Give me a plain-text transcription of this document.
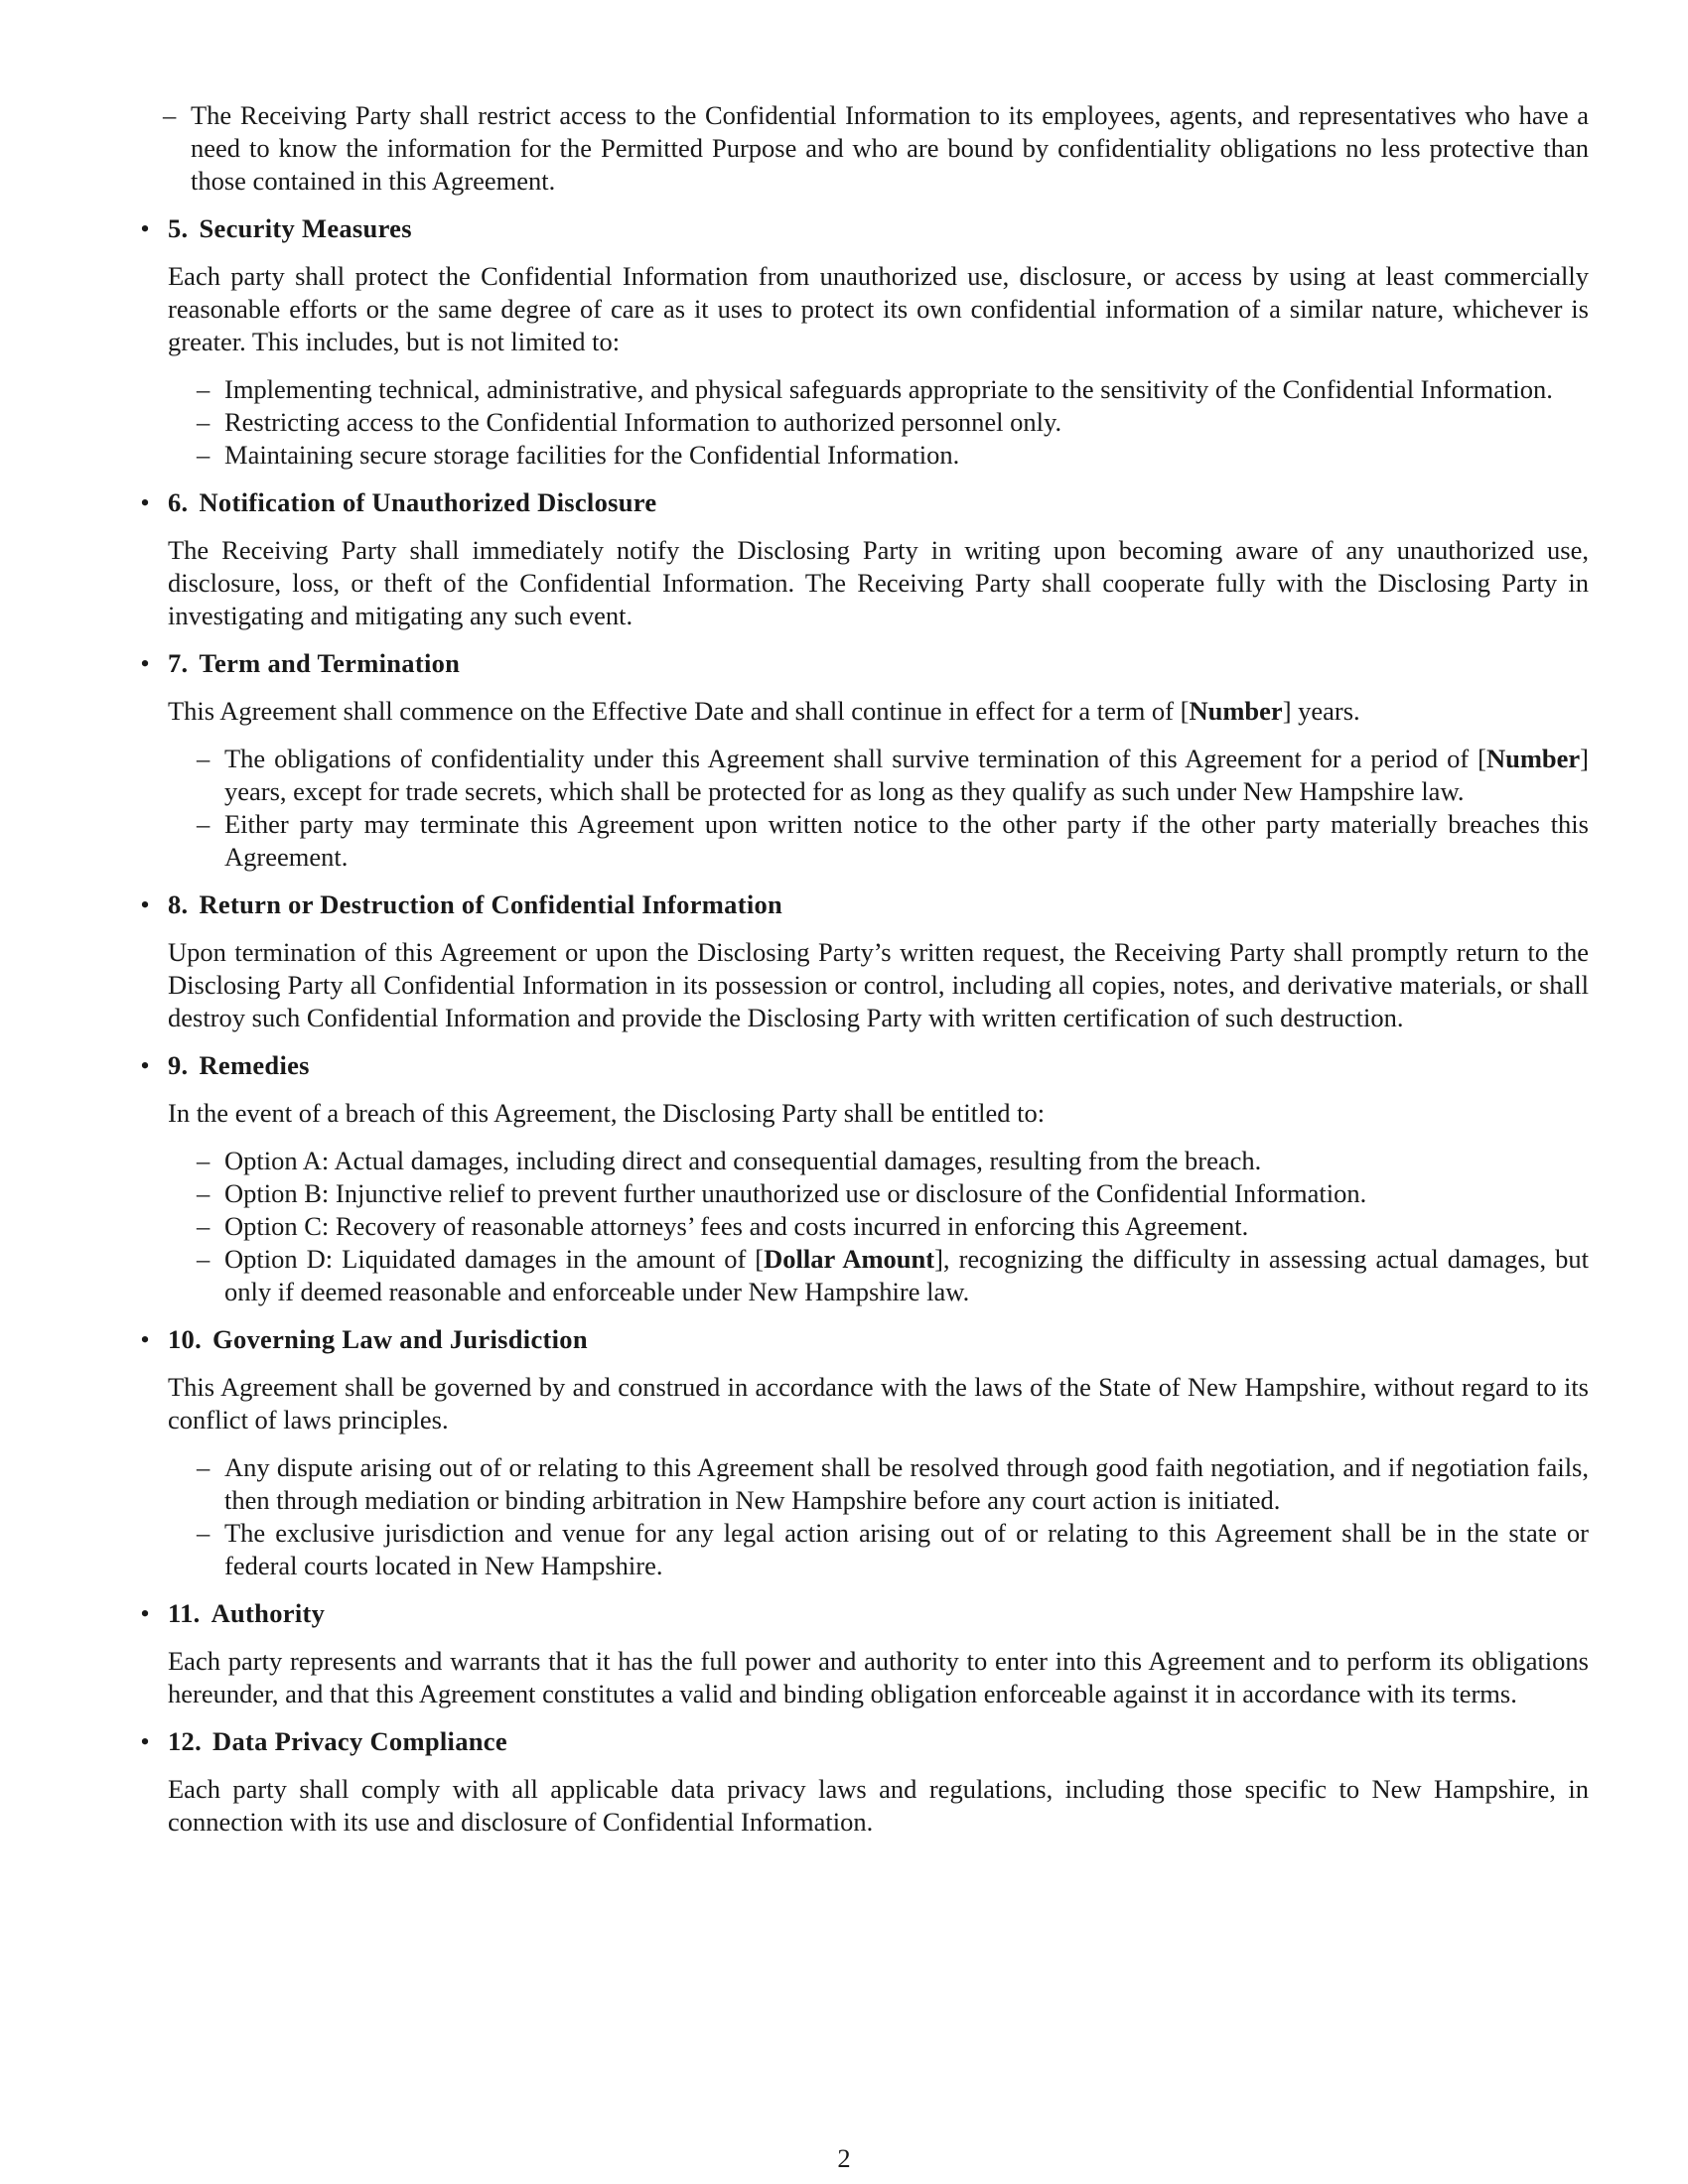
– The Receiving Party shall restrict access to the Confidential Information to its employees, agents, and representatives who have a need to know the information for the Permitted Purpose and who are bound by confidentiality obligations no less protective than those contained in this Agreement.
• 5. Security Measures

Each party shall protect the Confidential Information from unauthorized use, disclosure, or access by using at least commercially reasonable efforts or the same degree of care as it uses to protect its own confidential information of a similar nature, whichever is greater. This includes, but is not limited to:

– Implementing technical, administrative, and physical safeguards appropriate to the sensitivity of the Confidential Information.
– Restricting access to the Confidential Information to authorized personnel only.
– Maintaining secure storage facilities for the Confidential Information.
• 6. Notification of Unauthorized Disclosure

The Receiving Party shall immediately notify the Disclosing Party in writing upon becoming aware of any unauthorized use, disclosure, loss, or theft of the Confidential Information. The Receiving Party shall cooperate fully with the Disclosing Party in investigating and mitigating any such event.

• 7. Term and Termination

This Agreement shall commence on the Effective Date and shall continue in effect for a term of [Number] years.

– The obligations of confidentiality under this Agreement shall survive termination of this Agreement for a period of [Number] years, except for trade secrets, which shall be protected for as long as they qualify as such under New Hampshire law.
– Either party may terminate this Agreement upon written notice to the other party if the other party materially breaches this Agreement.
• 8. Return or Destruction of Confidential Information

Upon termination of this Agreement or upon the Disclosing Party’s written request, the Receiving Party shall promptly return to the Disclosing Party all Confidential Information in its possession or control, including all copies, notes, and derivative materials, or shall destroy such Confidential Information and provide the Disclosing Party with written certification of such destruction.

• 9. Remedies

In the event of a breach of this Agreement, the Disclosing Party shall be entitled to:

– Option A: Actual damages, including direct and consequential damages, resulting from the breach.
– Option B: Injunctive relief to prevent further unauthorized use or disclosure of the Confidential Information.
– Option C: Recovery of reasonable attorneys’ fees and costs incurred in enforcing this Agreement.
– Option D: Liquidated damages in the amount of [Dollar Amount], recognizing the difficulty in assessing actual damages, but only if deemed reasonable and enforceable under New Hampshire law.
• 10. Governing Law and Jurisdiction

This Agreement shall be governed by and construed in accordance with the laws of the State of New Hampshire, without regard to its conflict of laws principles.

– Any dispute arising out of or relating to this Agreement shall be resolved through good faith negotiation, and if negotiation fails, then through mediation or binding arbitration in New Hampshire before any court action is initiated.
– The exclusive jurisdiction and venue for any legal action arising out of or relating to this Agreement shall be in the state or federal courts located in New Hampshire.
• 11. Authority

Each party represents and warrants that it has the full power and authority to enter into this Agreement and to perform its obligations hereunder, and that this Agreement constitutes a valid and binding obligation enforceable against it in accordance with its terms.

• 12. Data Privacy Compliance

Each party shall comply with all applicable data privacy laws and regulations, including those specific to New Hampshire, in connection with its use and disclosure of Confidential Information.

2
